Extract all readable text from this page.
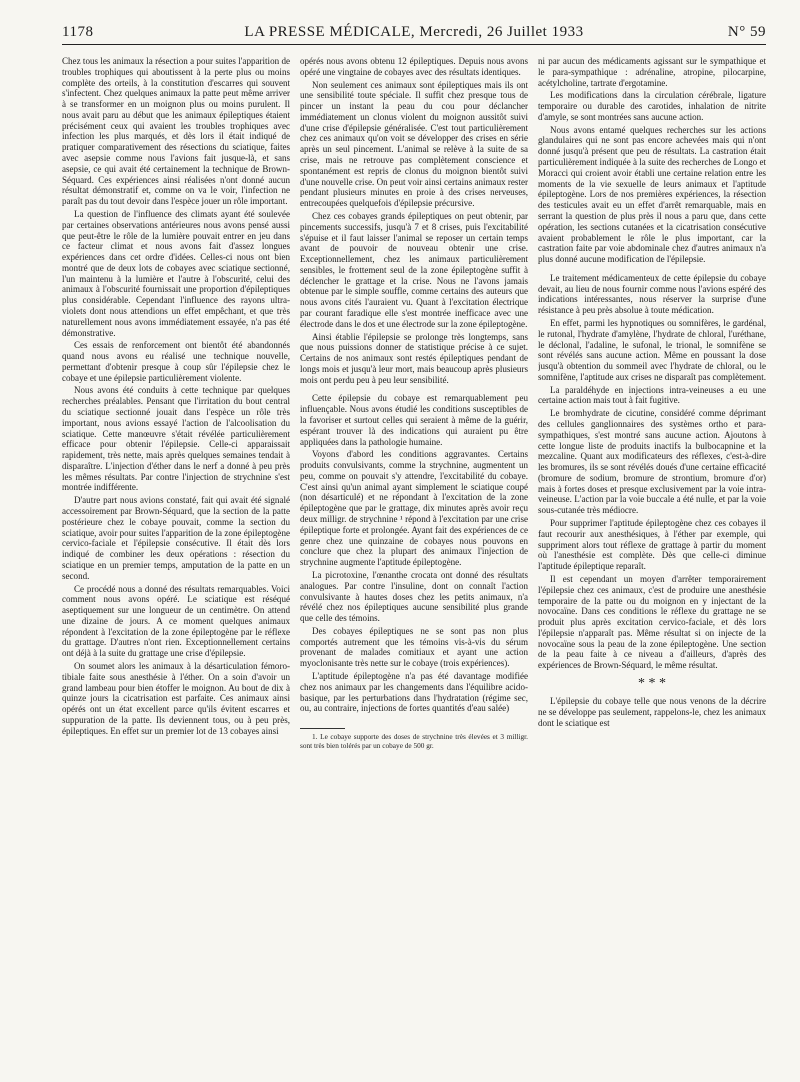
1178	LA PRESSE MÉDICALE, Mercredi, 26 Juillet 1933	N° 59

Chez tous les animaux la résection a pour suites l'apparition de troubles trophiques qui aboutissent à la perte plus ou moins complète des orteils, à la constitution d'escarres qui souvent s'infectent. Chez quelques animaux la patte peut même arriver à se transformer en un moignon plus ou moins purulent. Il nous avait paru au début que les animaux épileptiques étaient précisément ceux qui avaient les troubles trophiques avec infection les plus marqués, et dès lors il était indiqué de pratiquer comparativement des résections du sciatique, faites avec asepsie comme nous l'avions fait jusque-là, et sans asepsie, ce qui avait été certainement la technique de Brown-Séquard. Ces expériences ainsi réalisées n'ont donné aucun résultat démonstratif et, comme on va le voir, l'infection ne paraît pas du tout devoir dans l'espèce jouer un rôle important.

La question de l'influence des climats ayant été soulevée par certaines observations antérieures nous avons pensé aussi que peut-être le rôle de la lumière pouvait entrer en jeu dans ce facteur climat et nous avons fait d'assez longues expériences dans cet ordre d'idées. Celles-ci nous ont bien montré que de deux lots de cobayes avec sciatique sectionné, l'un maintenu à la lumière et l'autre à l'obscurité, celui des animaux à l'obscurité fournissait une proportion d'épileptiques plus considérable. Cependant l'influence des rayons ultra-violets dont nous attendions un effet empêchant, et que très naturellement nous avons immédiatement essayée, n'a pas été démonstrative.

Ces essais de renforcement ont bientôt été abandonnés quand nous avons eu réalisé une technique nouvelle, permettant d'obtenir presque à coup sûr l'épilepsie chez le cobaye et une épilepsie particulièrement violente.

Nous avons été conduits à cette technique par quelques recherches préalables. Pensant que l'irritation du bout central du sciatique sectionné jouait dans l'espèce un rôle très important, nous avions essayé l'action de l'alcoolisation du sciatique. Cette manœuvre s'était révélée particulièrement efficace pour obtenir l'épilepsie. Celle-ci apparaissait rapidement, très nette, mais après quelques semaines tendait à disparaître. L'injection d'éther dans le nerf a donné à peu près les mêmes résultats. Par contre l'injection de strychnine s'est montrée indifférente.

D'autre part nous avions constaté, fait qui avait été signalé accessoirement par Brown-Séquard, que la section de la patte postérieure chez le cobaye pouvait, comme la section du sciatique, avoir pour suites l'apparition de la zone épileptogène cervico-faciale et l'épilepsie consécutive. Il était dès lors indiqué de combiner les deux opérations : résection du sciatique en un premier temps, amputation de la patte en un second.

Ce procédé nous a donné des résultats remarquables. Voici comment nous avons opéré. Le sciatique est réséqué aseptiquement sur une longueur de un centimètre. On attend une dizaine de jours. A ce moment quelques animaux répondent à l'excitation de la zone épileptogène par le réflexe du grattage. D'autres n'ont rien. Exceptionnellement certains ont déjà à la suite du grattage une crise d'épilepsie.

On soumet alors les animaux à la désarticulation fémoro-tibiale faite sous anesthésie à l'éther. On a soin d'avoir un grand lambeau pour bien étoffer le moignon. Au bout de dix à quinze jours la cicatrisation est parfaite. Ces animaux ainsi opérés ont un état excellent parce qu'ils évitent escarres et suppuration de la patte. Ils deviennent tous, ou à peu près, épileptiques. En effet sur un premier lot de 13 cobayes ainsi

opérés nous avons obtenu 12 épileptiques. Depuis nous avons opéré une vingtaine de cobayes avec des résultats identiques.

Non seulement ces animaux sont épileptiques mais ils ont une sensibilité toute spéciale. Il suffit chez presque tous de pincer un instant la peau du cou pour déclancher immédiatement un clonus violent du moignon aussitôt suivi d'une crise d'épilepsie généralisée. C'est tout particulièrement chez ces animaux qu'on voit se développer des crises en série après un seul pincement. L'animal se relève à la suite de sa crise, mais ne retrouve pas complètement conscience et spontanément est repris de clonus du moignon bientôt suivi d'une nouvelle crise. On peut voir ainsi certains animaux rester pendant plusieurs minutes en proie à des crises nerveuses, entrecoupées quelquefois d'épilepsie précursive.

Chez ces cobayes grands épileptiques on peut obtenir, par pincements successifs, jusqu'à 7 et 8 crises, puis l'excitabilité s'épuise et il faut laisser l'animal se reposer un certain temps avant de pouvoir de nouveau obtenir une crise. Exceptionnellement, chez les animaux particulièrement sensibles, le frottement seul de la zone épileptogène suffit à déclencher le grattage et la crise. Nous ne l'avons jamais obtenue par le simple souffle, comme certains des auteurs que nous avons cités l'auraient vu. Quant à l'excitation électrique par courant faradique elle s'est montrée inefficace avec une électrode dans le dos et une électrode sur la zone épileptogène.

Ainsi établie l'épilepsie se prolonge très longtemps, sans que nous puissions donner de statistique précise à ce sujet. Certains de nos animaux sont restés épileptiques pendant de longs mois et jusqu'à leur mort, mais beaucoup après plusieurs mois ont perdu peu à peu leur sensibilité.

Cette épilepsie du cobaye est remarquablement peu influençable. Nous avons étudié les conditions susceptibles de la favoriser et surtout celles qui seraient à même de la guérir, espérant trouver là des indications qui auraient pu être appliquées dans la pathologie humaine.

Voyons d'abord les conditions aggravantes. Certains produits convulsivants, comme la strychnine, augmentent un peu, comme on pouvait s'y attendre, l'excitabilité du cobaye. C'est ainsi qu'un animal ayant simplement le sciatique coupé (non désarticulé) et ne répondant à l'excitation de la zone épileptogène que par le grattage, dix minutes après avoir reçu deux milligr. de strychnine ¹ répond à l'excitation par une crise épileptique forte et prolongée. Ayant fait des expériences de ce genre chez une quinzaine de cobayes nous pouvons en conclure que chez la plupart des animaux l'injection de strychnine augmente l'aptitude épileptogène.

La picrotoxine, l'œnanthe crocata ont donné des résultats analogues. Par contre l'insuline, dont on connaît l'action convulsivante à hautes doses chez les petits animaux, n'a révélé chez nos épileptiques aucune sensibilité plus grande que celle des témoins.

Des cobayes épileptiques ne se sont pas non plus comportés autrement que les témoins vis-à-vis du sérum provenant de malades comitiaux et ayant une action myoclonisante très nette sur le cobaye (trois expériences).

L'aptitude épileptogène n'a pas été davantage modifiée chez nos animaux par les changements dans l'équilibre acido-basique, par les perturbations dans l'hydratation (régime sec, ou, au contraire, injections de fortes quantités d'eau salée)

1. Le cobaye supporte des doses de strychnine très élevées et 3 milligr. sont très bien tolérés par un cobaye de 500 gr.

ni par aucun des médicaments agissant sur le sympathique et le para-sympathique : adrénaline, atropine, pilocarpine, acétylcholine, tartrate d'ergotamine.

Les modifications dans la circulation cérébrale, ligature temporaire ou durable des carotides, inhalation de nitrite d'amyle, se sont montrées sans aucune action.

Nous avons entamé quelques recherches sur les actions glandulaires qui ne sont pas encore achevées mais qui n'ont donné jusqu'à présent que peu de résultats. La castration était particulièrement indiquée à la suite des recherches de Longo et Moracci qui croient avoir établi une certaine relation entre les moments de la vie sexuelle de leurs animaux et l'aptitude épileptogène. Lors de nos premières expériences, la résection des testicules avait eu un effet d'arrêt remarquable, mais en serrant la question de plus près il nous a paru que, dans cette opération, les sections cutanées et la cicatrisation consécutive avaient probablement le rôle le plus important, car la castration faite par voie abdominale chez d'autres animaux n'a plus donné aucune modification de l'épilepsie.

Le traitement médicamenteux de cette épilepsie du cobaye devait, au lieu de nous fournir comme nous l'avions espéré des indications intéressantes, nous réserver la surprise d'une résistance à peu près absolue à toute médication.

En effet, parmi les hypnotiques ou somnifères, le gardénal, le rutonal, l'hydrate d'amylène, l'hydrate de chloral, l'uréthane, le déclonal, l'adaline, le sufonal, le trional, le somnifène se sont révélés sans aucune action. Même en poussant la dose jusqu'à obtention du sommeil avec l'hydrate de chloral, ou le somnifène, l'aptitude aux crises ne disparaît pas complètement.

La paraldéhyde en injections intra-veineuses a eu une certaine action mais tout à fait fugitive.

Le bromhydrate de cicutine, considéré comme déprimant des cellules ganglionnaires des systèmes ortho et para-sympathiques, s'est montré sans aucune action. Ajoutons à cette longue liste de produits inactifs la bulbocapnine et la mezcaline. Quant aux modificateurs des réflexes, c'est-à-dire les bromures, ils se sont révélés doués d'une certaine efficacité (bromure de sodium, bromure de strontium, bromure d'or) mais à fortes doses et presque exclusivement par la voie intra-veineuse. L'action par la voie buccale a été nulle, et par la voie sous-cutanée très médiocre.

Pour supprimer l'aptitude épileptogène chez ces cobayes il faut recourir aux anesthésiques, à l'éther par exemple, qui suppriment alors tout réflexe de grattage à partir du moment où l'anesthésie est complète. Dès que celle-ci diminue l'aptitude épileptique reparaît.

Il est cependant un moyen d'arrêter temporairement l'épilepsie chez ces animaux, c'est de produire une anesthésie temporaire de la patte ou du moignon en y injectant de la novocaïne. Dans ces conditions le réflexe du grattage ne se produit plus après excitation cervico-faciale, et dès lors l'épilepsie n'apparaît pas. Même résultat si on injecte de la novocaïne sous la peau de la zone épileptogène. Une section de la peau faite à ce niveau a d'ailleurs, d'après des expériences de Brown-Séquard, le même résultat.

* * *

L'épilepsie du cobaye telle que nous venons de la décrire ne se développe pas seulement, rappelons-le, chez les animaux dont le sciatique est
